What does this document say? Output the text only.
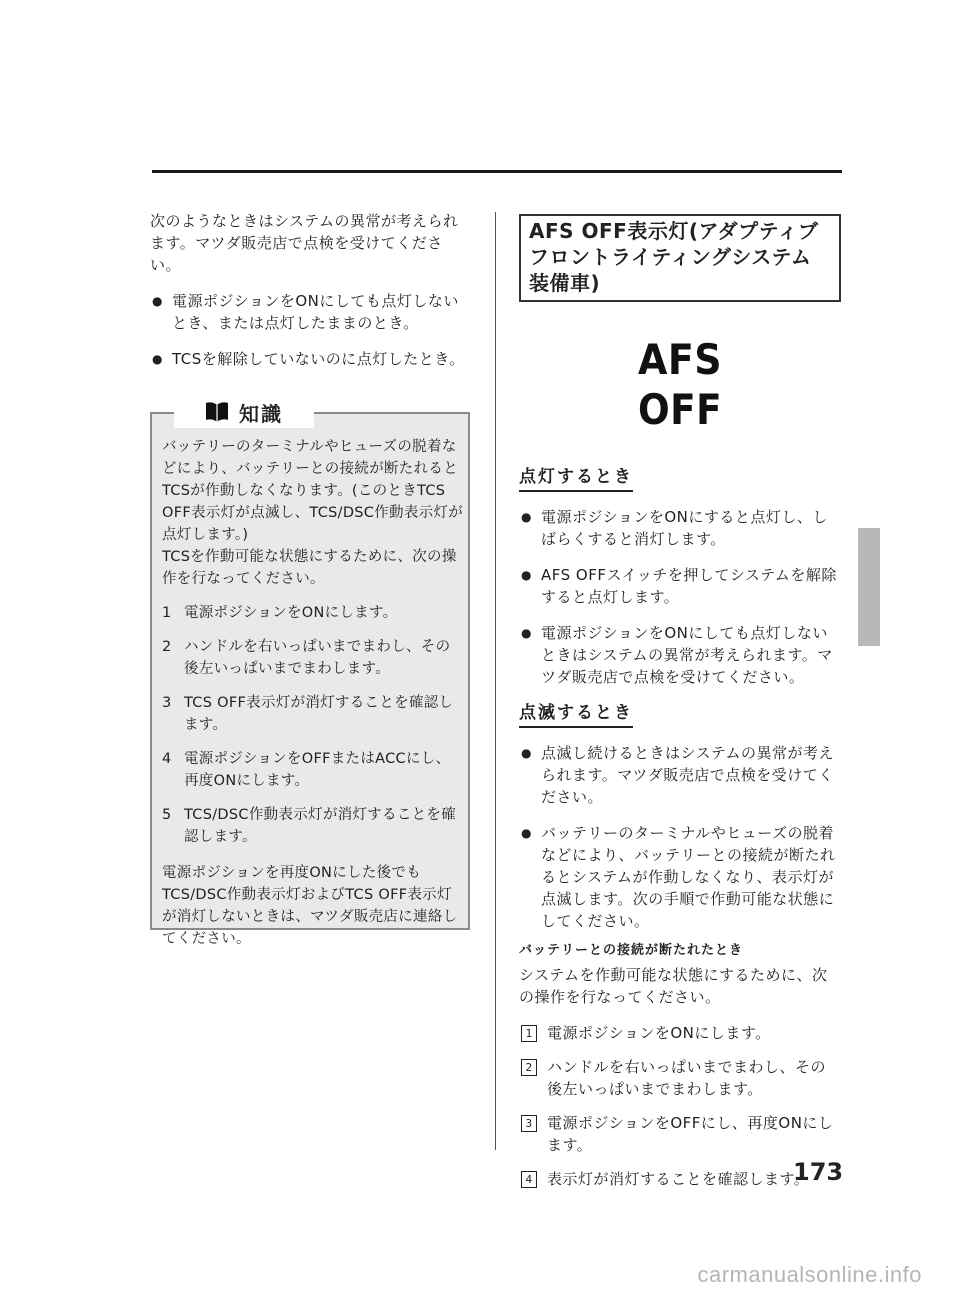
次のようなときはシステムの異常が考えられます。マツダ販売店で点検を受けてください。

● 電源ポジションをONにしても点灯しないとき、または点灯したままのとき。
● TCSを解除していないのに点灯したとき。
知識

バッテリーのターミナルやヒューズの脱着などにより、バッテリーとの接続が断たれるとTCSが作動しなくなります。(このときTCS OFF表示灯が点滅し、TCS/DSC作動表示灯が点灯します。)

TCSを作動可能な状態にするために、次の操作を行なってください。

1 電源ポジションをONにします。
2 ハンドルを右いっぱいまでまわし、その後左いっぱいまでまわします。
3 TCS OFF表示灯が消灯することを確認します。
4 電源ポジションをOFFまたはACCにし、再度ONにします。
5 TCS/DSC作動表示灯が消灯することを確認します。

電源ポジションを再度ONにした後でもTCS/DSC作動表示灯およびTCS OFF表示灯が消灯しないときは、マツダ販売店に連絡してください。

AFS OFF表示灯(アダプティブフロントライティングシステム装備車)
AFS
OFF
点灯するとき
● 電源ポジションをONにすると点灯し、しばらくすると消灯します。
● AFS OFFスイッチを押してシステムを解除すると点灯します。
● 電源ポジションをONにしても点灯しないときはシステムの異常が考えられます。マツダ販売店で点検を受けてください。
点滅するとき
● 点滅し続けるときはシステムの異常が考えられます。マツダ販売店で点検を受けてください。
● バッテリーのターミナルやヒューズの脱着などにより、バッテリーとの接続が断たれるとシステムが作動しなくなり、表示灯が点滅します。次の手順で作動可能な状態にしてください。
バッテリーとの接続が断たれたとき

システムを作動可能な状態にするために、次の操作を行なってください。

1 電源ポジションをONにします。
2 ハンドルを右いっぱいまでまわし、その後左いっぱいまでまわします。
3 電源ポジションをOFFにし、再度ONにします。
4 表示灯が消灯することを確認します。
173
carmanualsonline.info
